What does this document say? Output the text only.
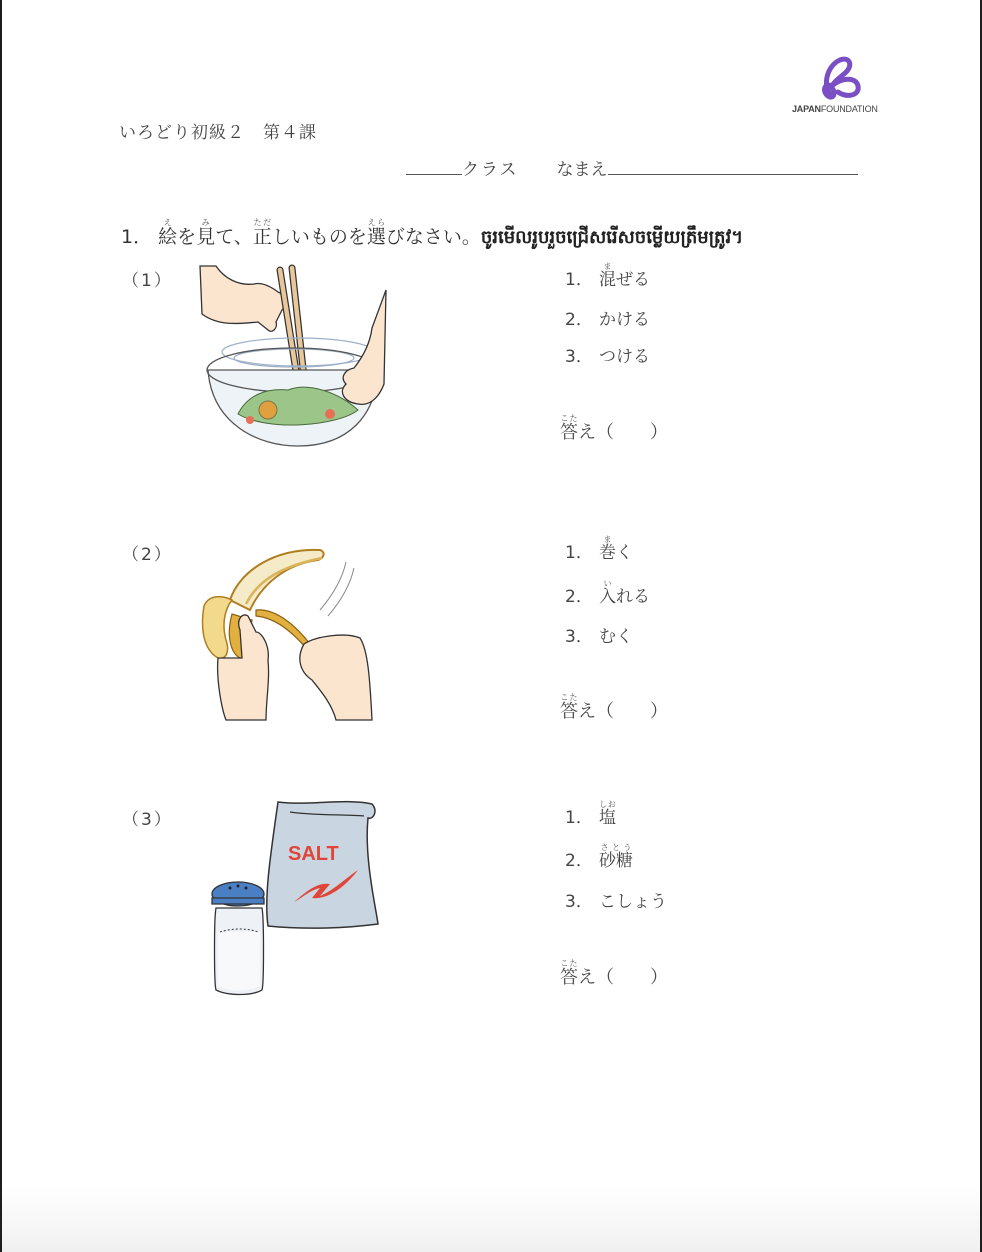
JAPANFOUNDATION
いろどり初級２　第４課
クラス なまえ
1． 絵えを見みて、正ただしいものを選えらびなさい。ចូរមើលរូបរួចជ្រើសរើសចម្លើយត្រឹមត្រូវ។
（1）	1． 混まぜる
2． かける
3． つける
答こたえ（　　）
（2）	1． 巻まく
2． 入いれる
3． むく
答こたえ（　　）
（3）
SALT
1． 塩しお
2． 砂糖さとう
3． こしょう
答こたえ（　　）
